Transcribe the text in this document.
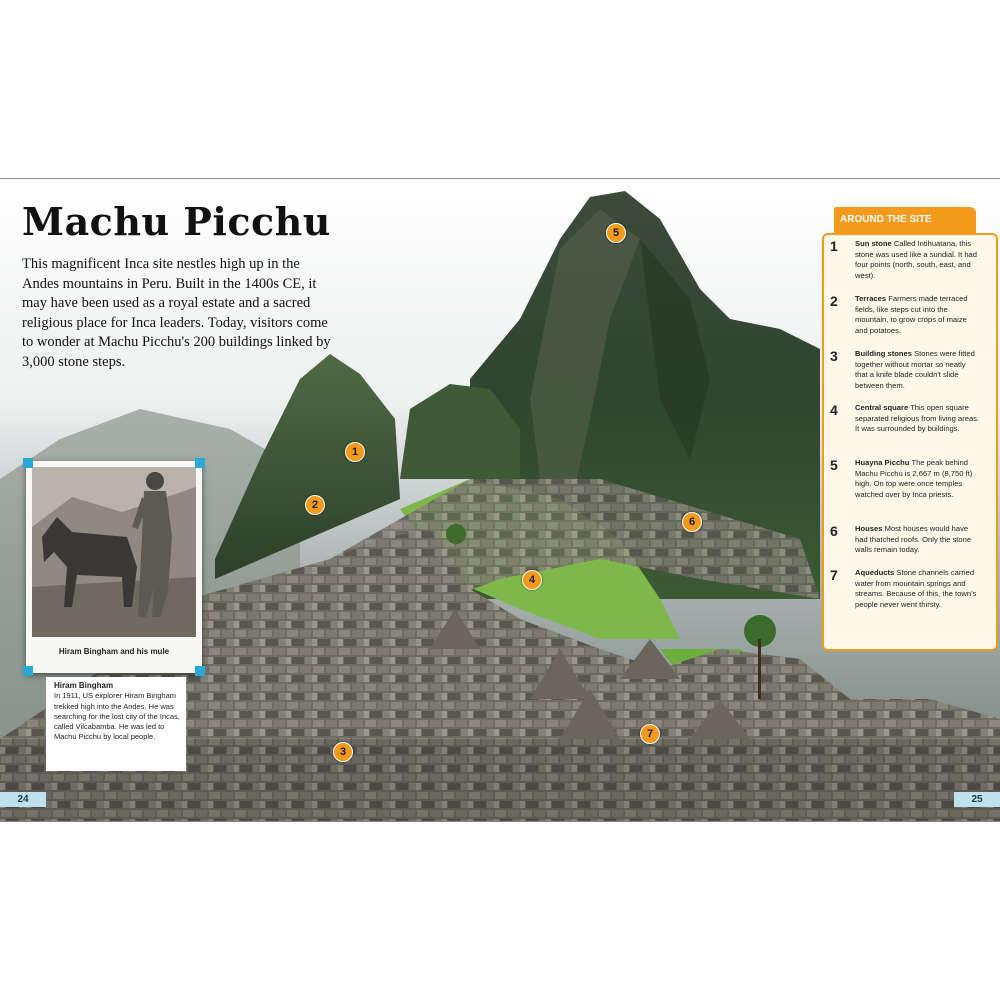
Machu Picchu
This magnificent Inca site nestles high up in the Andes mountains in Peru. Built in the 1400s CE, it may have been used as a royal estate and a sacred religious place for Inca leaders. Today, visitors come to wonder at Machu Picchu's 200 buildings linked by 3,000 stone steps.
1
2
3
4
5
6
7
Hiram Bingham and his mule
Hiram Bingham
In 1911, US explorer Hiram Bingham trekked high into the Andes. He was searching for the lost city of the Incas, called Vilcabamba. He was led to Machu Picchu by local people.
24	25
AROUND THE SITE
1 Sun stone Called Intihuatana, this stone was used like a sundial. It had four points (north, south, east, and west).
2 Terraces Farmers made terraced fields, like steps cut into the mountain, to grow crops of maize and potatoes.
3 Building stones Stones were fitted together without mortar so neatly that a knife blade couldn't slide between them.
4 Central square This open square separated religious from living areas. It was surrounded by buildings.
5 Huayna Picchu The peak behind Machu Picchu is 2,667 m (8,750 ft) high. On top were once temples watched over by Inca priests.
6 Houses Most houses would have had thatched roofs. Only the stone walls remain today.
7 Aqueducts Stone channels carried water from mountain springs and streams. Because of this, the town's people never went thirsty.
